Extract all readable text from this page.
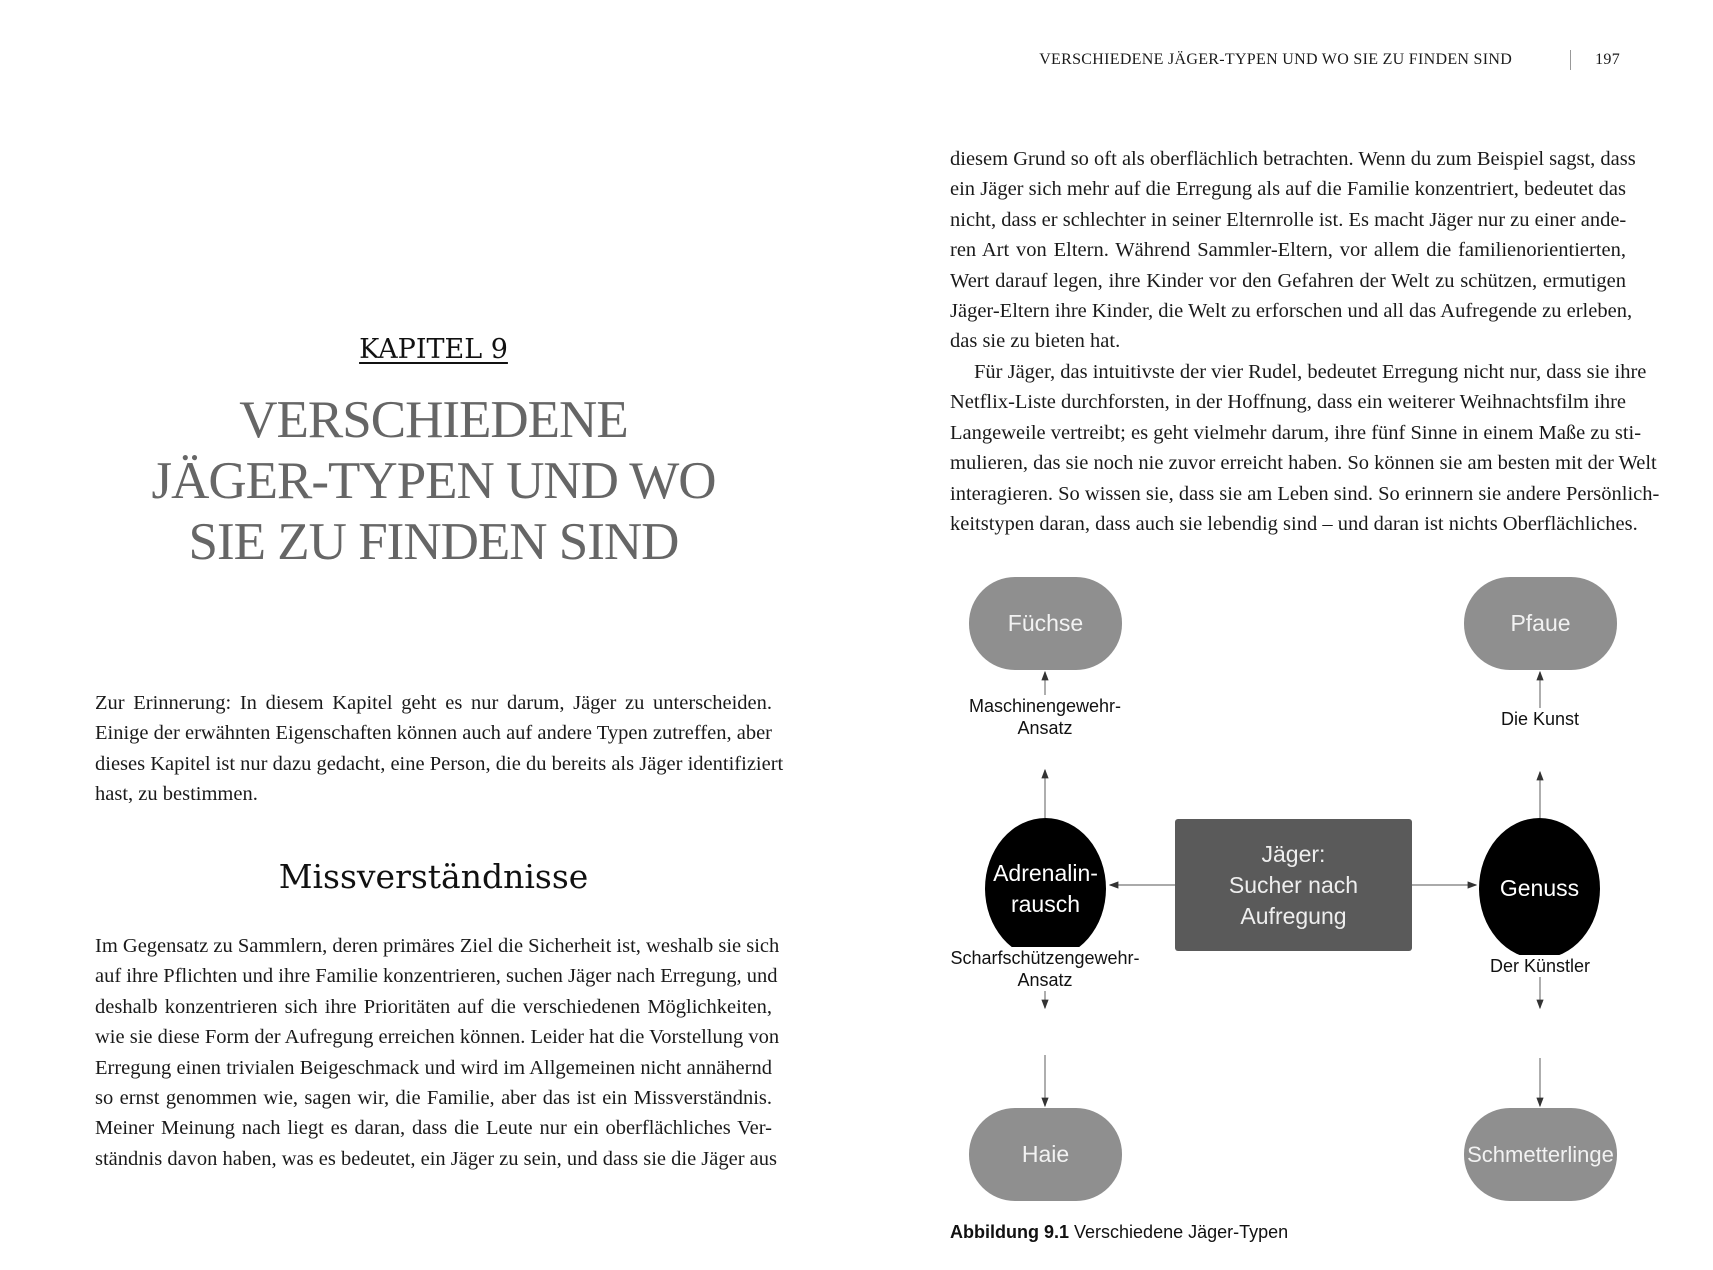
VERSCHIEDENE JÄGER-TYPEN UND WO SIE ZU FINDEN SIND	197
KAPITEL 9
VERSCHIEDENE
JÄGER-TYPEN UND WO
SIE ZU FINDEN SIND
Zur Erinnerung: In diesem Kapitel geht es nur darum, Jäger zu unterscheiden.
Einige der erwähnten Eigenschaften können auch auf andere Typen zutreffen, aber
dieses Kapitel ist nur dazu gedacht, eine Person, die du bereits als Jäger identifiziert
hast, zu bestimmen.
Missverständnisse
Im Gegensatz zu Sammlern, deren primäres Ziel die Sicherheit ist, weshalb sie sich
auf ihre Pflichten und ihre Familie konzentrieren, suchen Jäger nach Erregung, und
deshalb konzentrieren sich ihre Prioritäten auf die verschiedenen Möglichkeiten,
wie sie diese Form der Aufregung erreichen können. Leider hat die Vorstellung von
Erregung einen trivialen Beigeschmack und wird im Allgemeinen nicht annähernd
so ernst genommen wie, sagen wir, die Familie, aber das ist ein Missverständnis.
Meiner Meinung nach liegt es daran, dass die Leute nur ein oberflächliches Ver-
ständnis davon haben, was es bedeutet, ein Jäger zu sein, und dass sie die Jäger aus
diesem Grund so oft als oberflächlich betrachten. Wenn du zum Beispiel sagst, dass
ein Jäger sich mehr auf die Erregung als auf die Familie konzentriert, bedeutet das
nicht, dass er schlechter in seiner Elternrolle ist. Es macht Jäger nur zu einer ande-
ren Art von Eltern. Während Sammler-Eltern, vor allem die familienorientierten,
Wert darauf legen, ihre Kinder vor den Gefahren der Welt zu schützen, ermutigen
Jäger-Eltern ihre Kinder, die Welt zu erforschen und all das Aufregende zu erleben,
das sie zu bieten hat.
Für Jäger, das intuitivste der vier Rudel, bedeutet Erregung nicht nur, dass sie ihre
Netflix-Liste durchforsten, in der Hoffnung, dass ein weiterer Weihnachtsfilm ihre
Langeweile vertreibt; es geht vielmehr darum, ihre fünf Sinne in einem Maße zu sti-
mulieren, das sie noch nie zuvor erreicht haben. So können sie am besten mit der Welt
interagieren. So wissen sie, dass sie am Leben sind. So erinnern sie andere Persönlich-
keitstypen daran, dass auch sie lebendig sind – und daran ist nichts Oberflächliches.
Füchse	Pfaue
Haie	Schmetterlinge
Adrenalin-
rausch
Genuss
Jäger:
Sucher nach
Aufregung
Maschinengewehr-
Ansatz
Scharfschützengewehr-
Ansatz
Die Kunst
Der Künstler
Abbildung 9.1 Verschiedene Jäger-Typen
